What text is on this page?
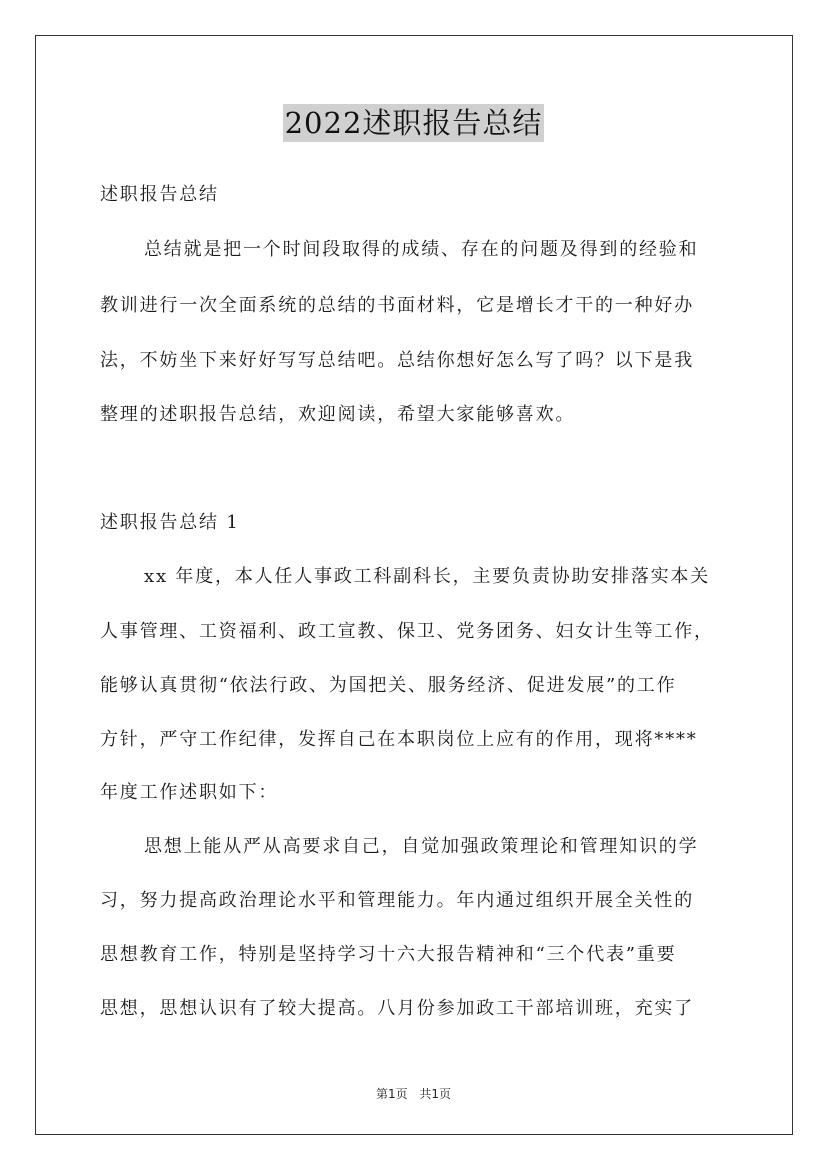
2022述职报告总结
述职报告总结
总结就是把一个时间段取得的成绩、存在的问题及得到的经验和
教训进行一次全面系统的总结的书面材料，它是增长才干的一种好办
法，不妨坐下来好好写写总结吧。总结你想好怎么写了吗？以下是我
整理的述职报告总结，欢迎阅读，希望大家能够喜欢。
述职报告总结 1
xx 年度，本人任人事政工科副科长，主要负责协助安排落实本关
人事管理、工资福利、政工宣教、保卫、党务团务、妇女计生等工作，
能够认真贯彻“依法行政、为国把关、服务经济、促进发展”的工作
方针，严守工作纪律，发挥自己在本职岗位上应有的作用，现将****
年度工作述职如下：
思想上能从严从高要求自己，自觉加强政策理论和管理知识的学
习，努力提高政治理论水平和管理能力。年内通过组织开展全关性的
思想教育工作，特别是坚持学习十六大报告精神和“三个代表”重要
思想，思想认识有了较大提高。八月份参加政工干部培训班，充实了
第1页 共1页
